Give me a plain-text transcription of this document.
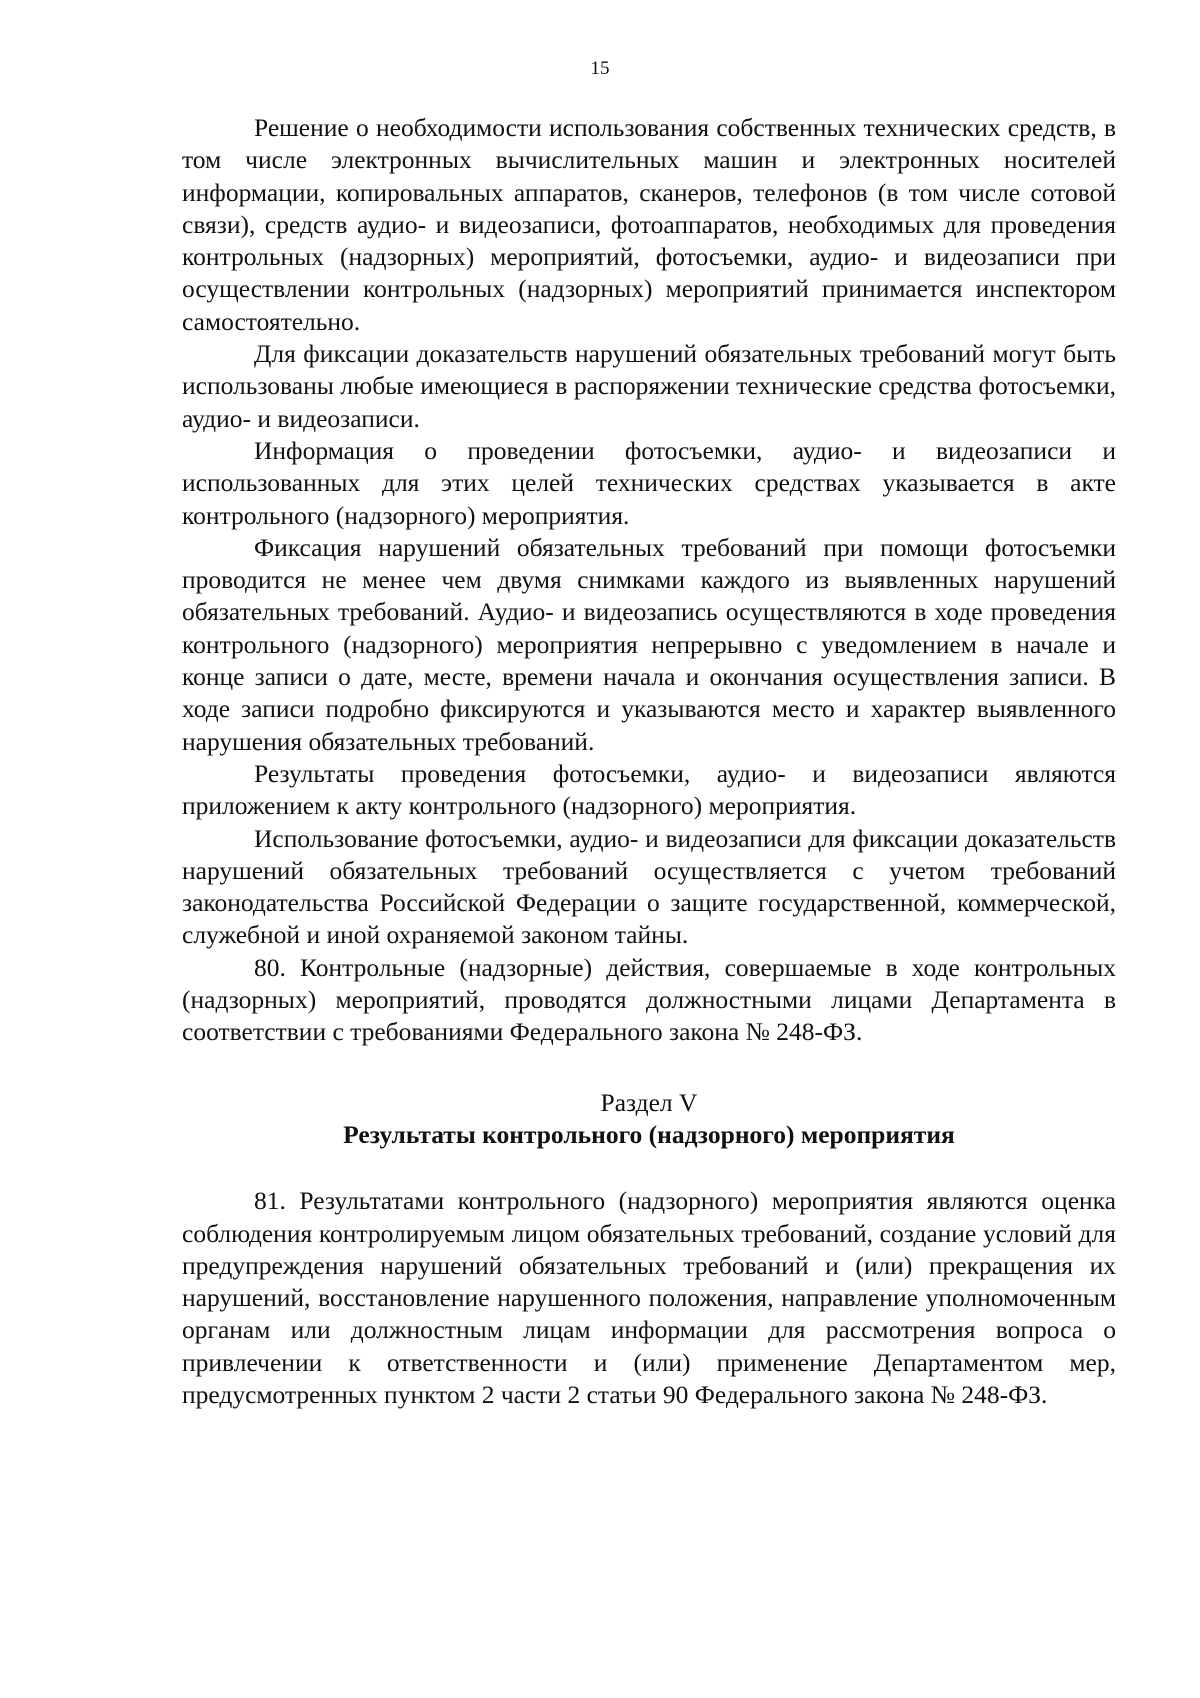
15

Решение о необходимости использования собственных технических средств, в том числе электронных вычислительных машин и электронных носителей информации, копировальных аппаратов, сканеров, телефонов (в том числе сотовой связи), средств аудио- и видеозаписи, фотоаппаратов, необходимых для проведения контрольных (надзорных) мероприятий, фотосъемки, аудио- и видеозаписи при осуществлении контрольных (надзорных) мероприятий принимается инспектором самостоятельно.

Для фиксации доказательств нарушений обязательных требований могут быть использованы любые имеющиеся в распоряжении технические средства фотосъемки, аудио- и видеозаписи.

Информация о проведении фотосъемки, аудио- и видеозаписи и использованных для этих целей технических средствах указывается в акте контрольного (надзорного) мероприятия.

Фиксация нарушений обязательных требований при помощи фотосъемки проводится не менее чем двумя снимками каждого из выявленных нарушений обязательных требований. Аудио- и видеозапись осуществляются в ходе проведения контрольного (надзорного) мероприятия непрерывно с уведомлением в начале и конце записи о дате, месте, времени начала и окончания осуществления записи. В ходе записи подробно фиксируются и указываются место и характер выявленного нарушения обязательных требований.

Результаты проведения фотосъемки, аудио- и видеозаписи являются приложением к акту контрольного (надзорного) мероприятия.

Использование фотосъемки, аудио- и видеозаписи для фиксации доказательств нарушений обязательных требований осуществляется с учетом требований законодательства Российской Федерации о защите государственной, коммерческой, служебной и иной охраняемой законом тайны.

80. Контрольные (надзорные) действия, совершаемые в ходе контрольных (надзорных) мероприятий, проводятся должностными лицами Департамента в соответствии с требованиями Федерального закона № 248-ФЗ.

Раздел V
Результаты контрольного (надзорного) мероприятия

81. Результатами контрольного (надзорного) мероприятия являются оценка соблюдения контролируемым лицом обязательных требований, создание условий для предупреждения нарушений обязательных требований и (или) прекращения их нарушений, восстановление нарушенного положения, направление уполномоченным органам или должностным лицам информации для рассмотрения вопроса о привлечении к ответственности и (или) применение Департаментом мер, предусмотренных пунктом 2 части 2 статьи 90 Федерального закона № 248-ФЗ.
